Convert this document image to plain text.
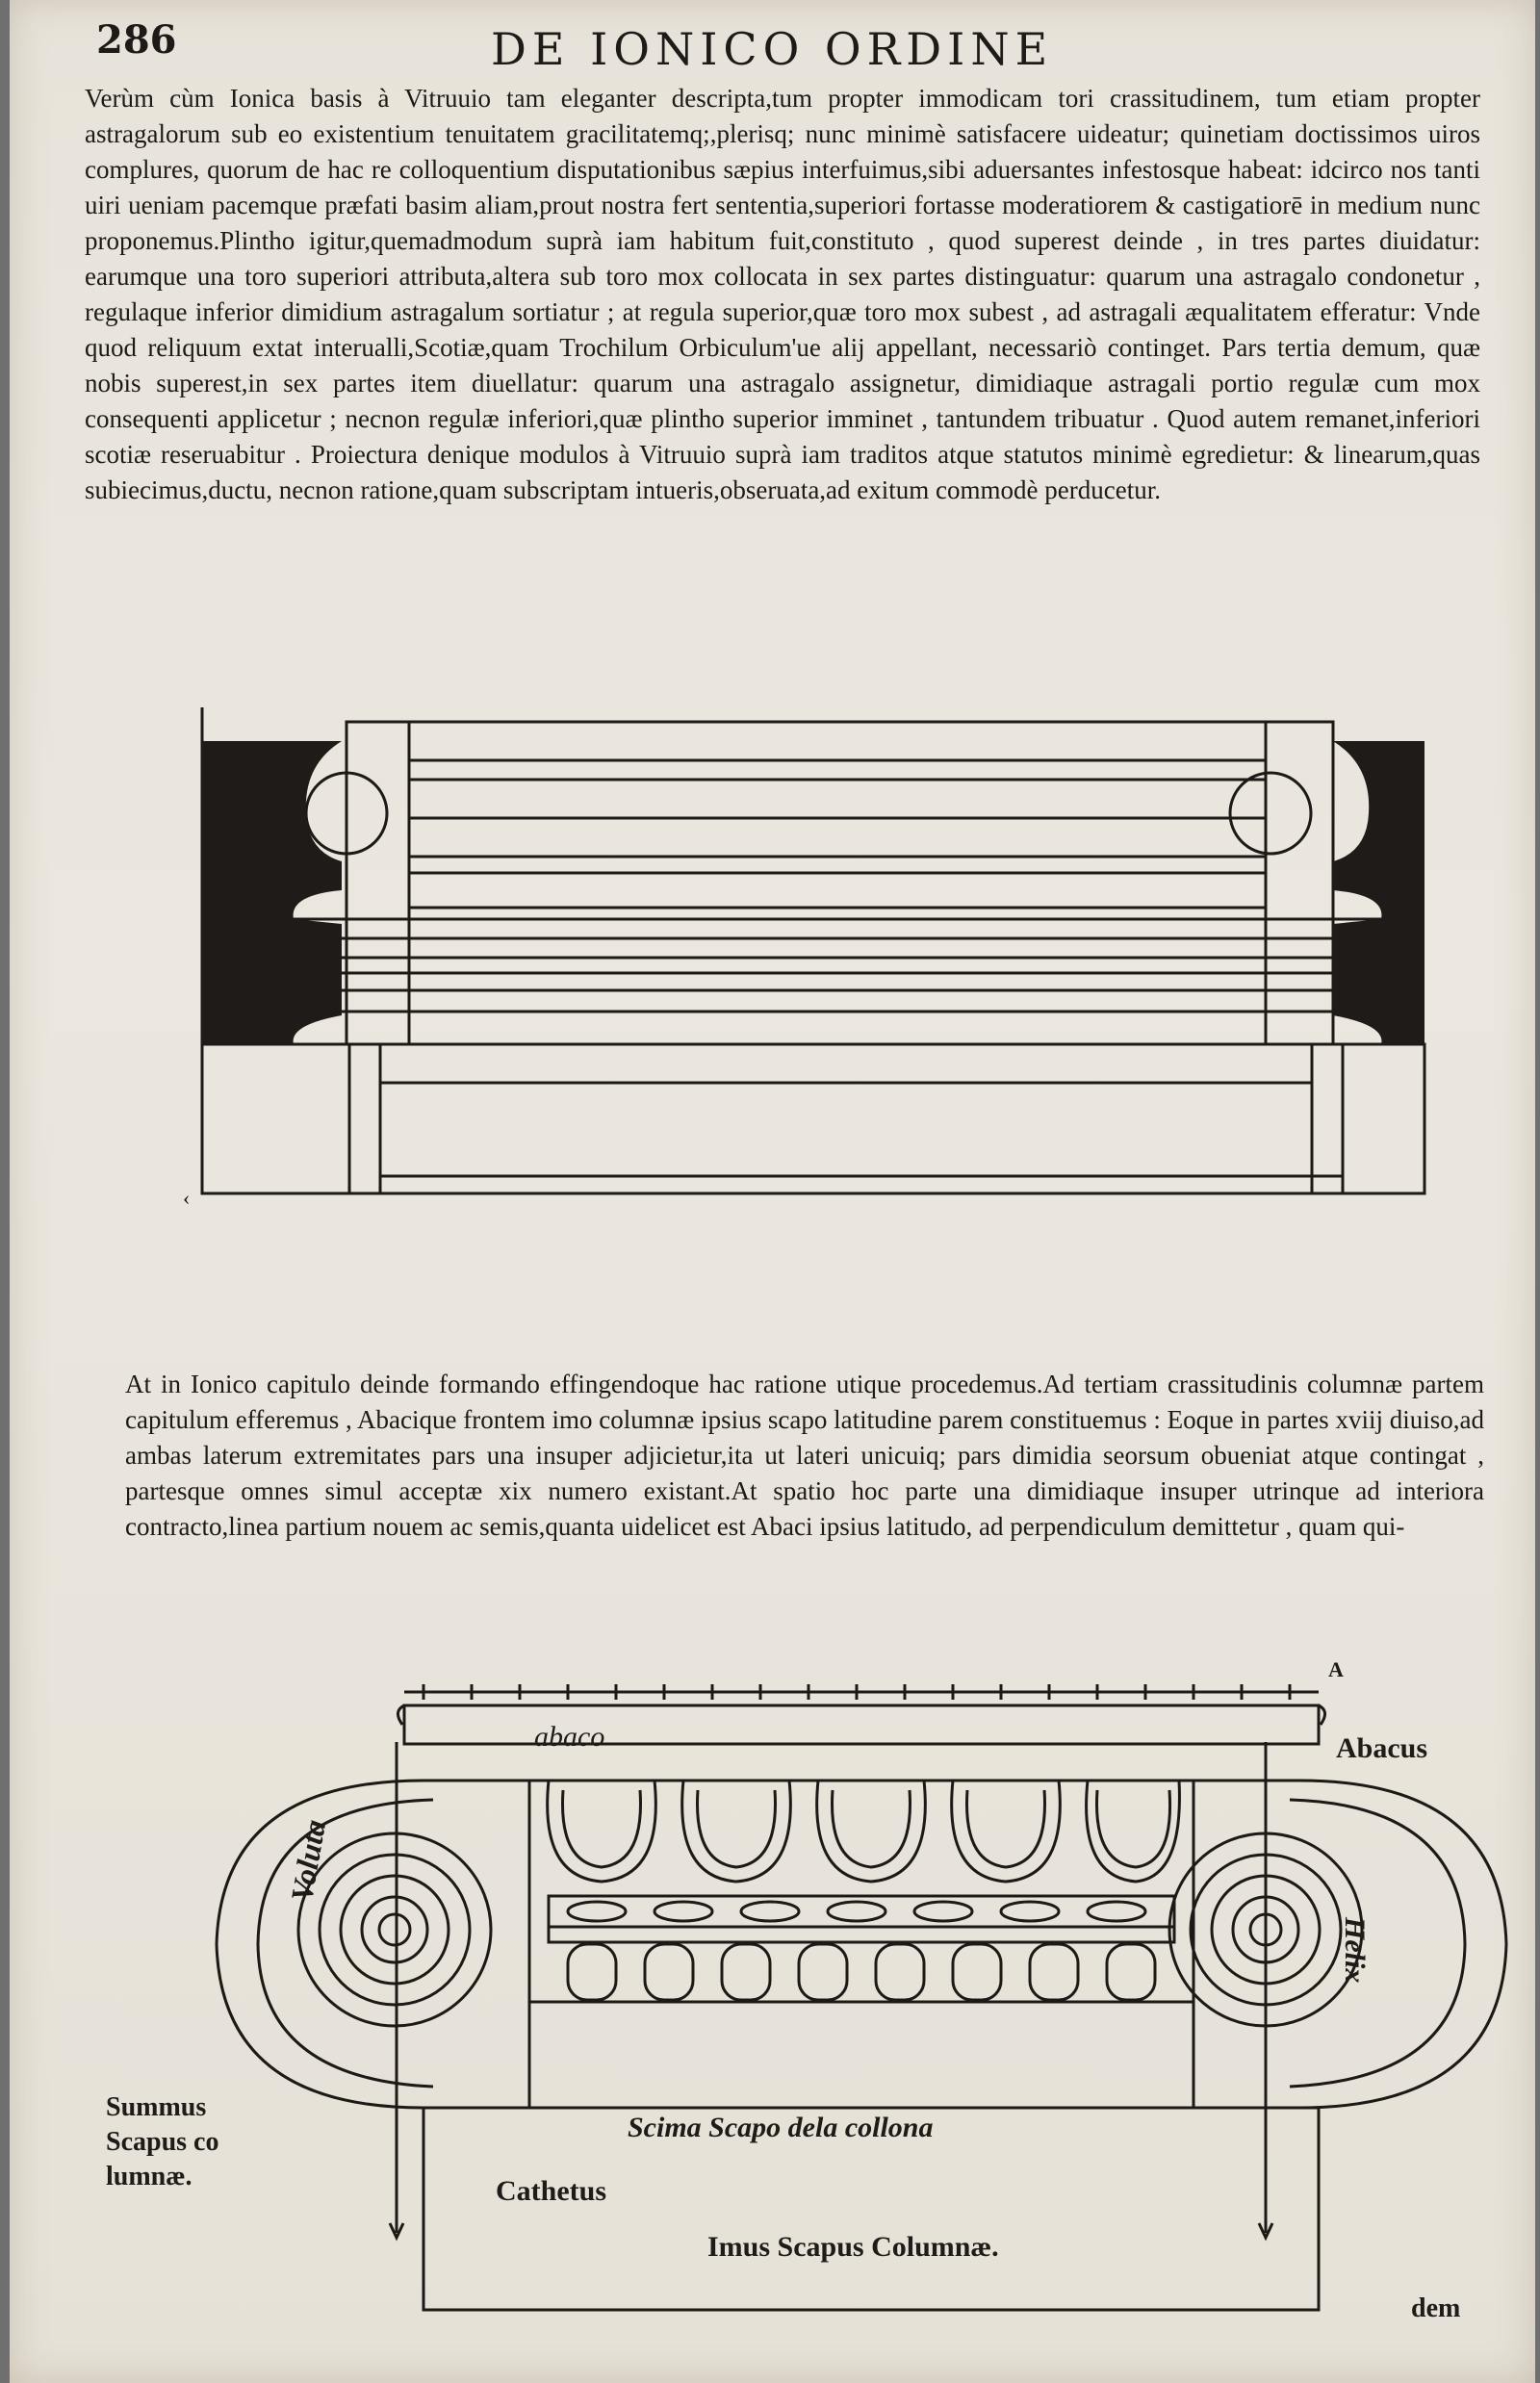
286	DE IONICO ORDINE
Verùm cùm Ionica basis à Vitruuio tam eleganter descripta,tum propter immodicam tori crassitudinem, tum etiam propter astragalorum sub eo existentium tenuitatem gracilitatemq;,plerisq; nunc minimè satisfacere uideatur; quinetiam doctissimos uiros complures, quorum de hac re colloquentium disputationibus sæpius interfuimus,sibi aduersantes infestosque habeat: idcirco nos tanti uiri ueniam pacemque præfati basim aliam,prout nostra fert sententia,superiori fortasse moderatiorem & castigatiorē in medium nunc proponemus.Plintho igitur,quemadmodum suprà iam habitum fuit,constituto , quod superest deinde , in tres partes diuidatur: earumque una toro superiori attributa,altera sub toro mox collocata in sex partes distinguatur: quarum una astragalo condonetur , regulaque inferior dimidium astragalum sortiatur ; at regula superior,quæ toro mox subest , ad astragali æqualitatem efferatur: Vnde quod reliquum extat interualli,Scotiæ,quam Trochilum Orbiculum'ue alij appellant, necessariò continget. Pars tertia demum, quæ nobis superest,in sex partes item diuellatur: quarum una astragalo assignetur, dimidiaque astragali portio regulæ cum mox consequenti applicetur ; necnon regulæ inferiori,quæ plintho superior imminet , tantundem tribuatur . Quod autem remanet,inferiori scotiæ reseruabitur . Proiectura denique modulos à Vitruuio suprà iam traditos atque statutos minimè egredietur: & linearum,quas subiecimus,ductu, necnon ratione,quam subscriptam intueris,obseruata,ad exitum commodè perducetur.
‹
At in Ionico capitulo deinde formando effingendoque hac ratione utique procedemus.Ad tertiam crassitudinis columnæ partem capitulum efferemus , Abacique frontem imo columnæ ipsius scapo latitudine parem constituemus : Eoque in partes xviij diuiso,ad ambas laterum extremitates pars una insuper adjicietur,ita ut lateri unicuiq; pars dimidia seorsum obueniat atque contingat , partesque omnes simul acceptæ xix numero existant.At spatio hoc parte una dimidiaque insuper utrinque ad interiora contracto,linea partium nouem ac semis,quanta uidelicet est Abaci ipsius latitudo, ad perpendiculum demittetur , quam qui-
A
abaco	Abacus
Voluta
Helix
Summus Scapus co lumnæ.
Scima Scapo dela collona
Cathetus
Imus Scapus Columnæ.
dem
